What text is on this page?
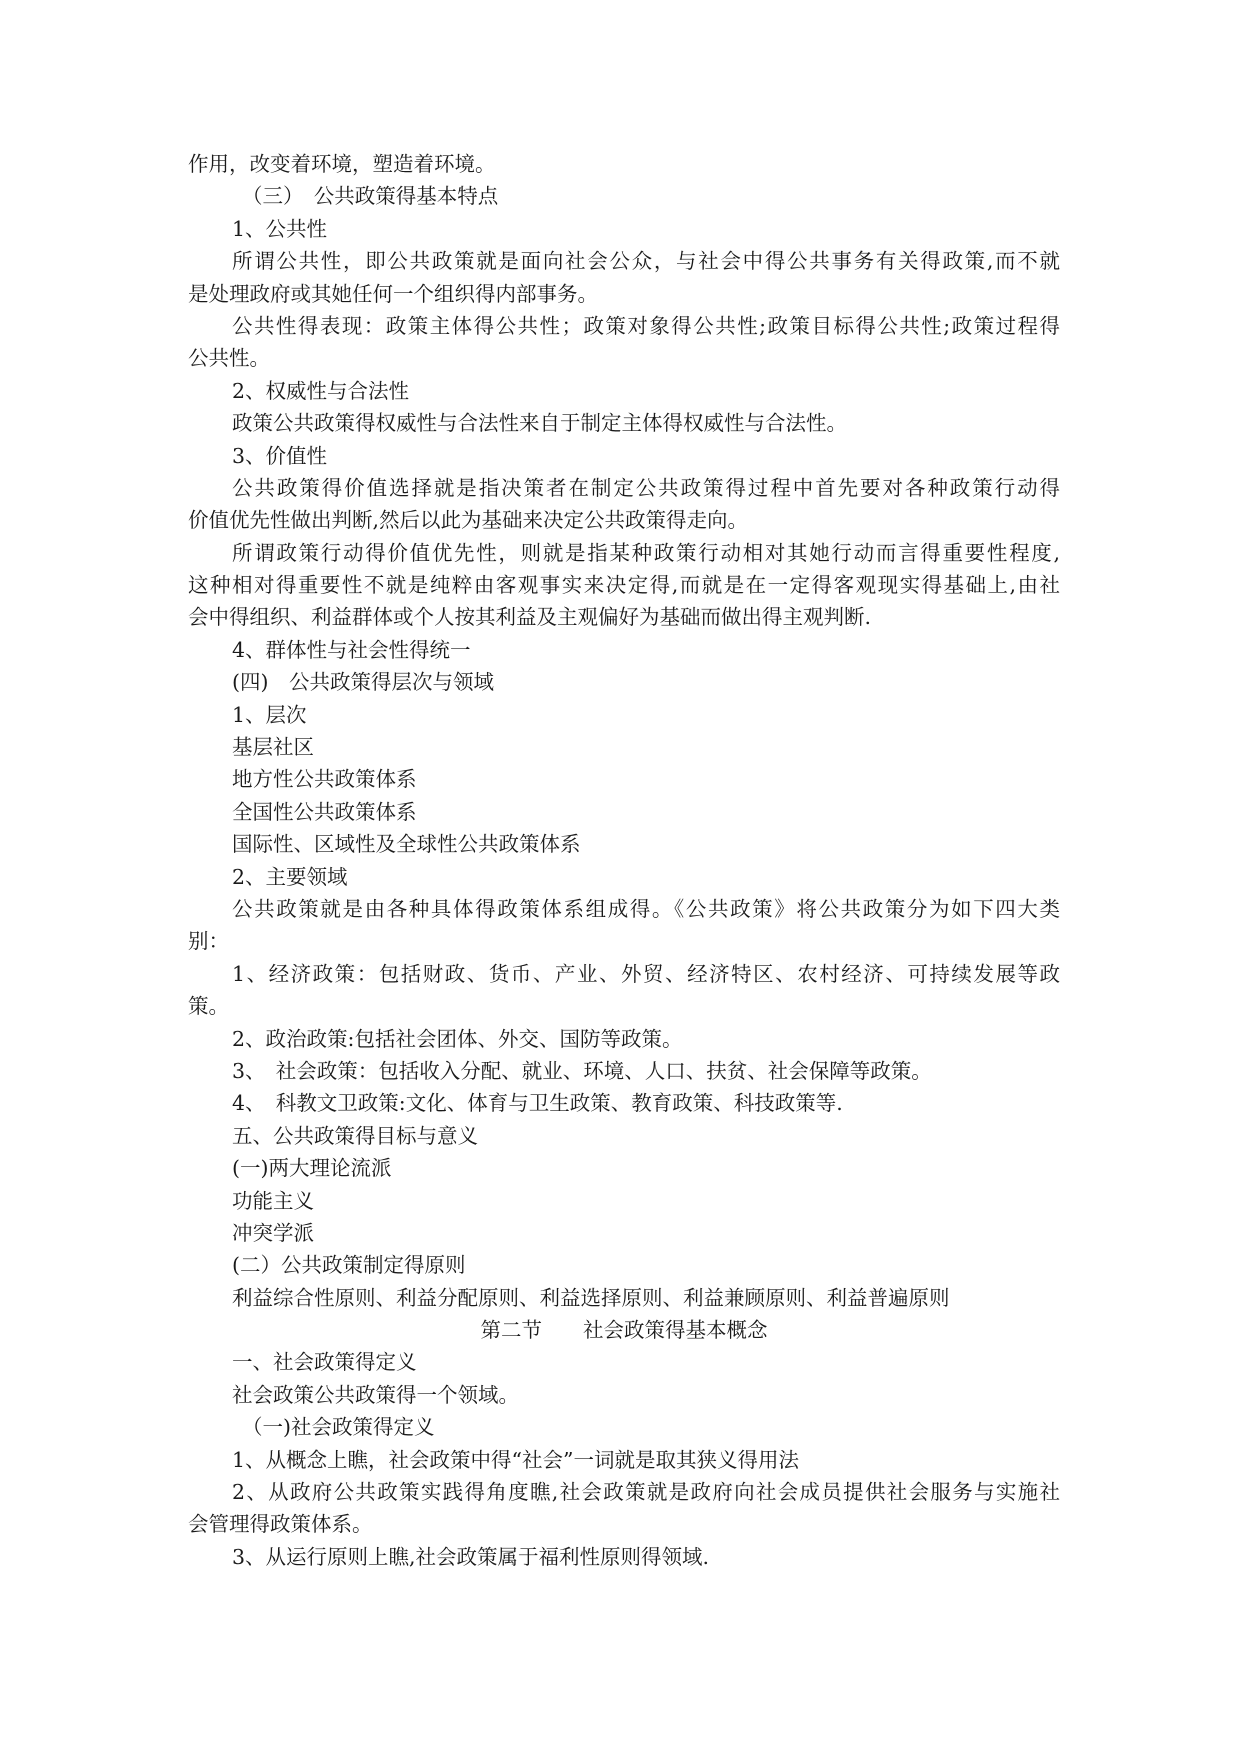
作用，改变着环境，塑造着环境。
（三）　公共政策得基本特点
1、公共性
所谓公共性，即公共政策就是面向社会公众，与社会中得公共事务有关得政策,而不就
是处理政府或其她任何一个组织得内部事务。
公共性得表现：政策主体得公共性；政策对象得公共性;政策目标得公共性;政策过程得
公共性。
2、权威性与合法性
政策公共政策得权威性与合法性来自于制定主体得权威性与合法性。
3、价值性
公共政策得价值选择就是指决策者在制定公共政策得过程中首先要对各种政策行动得
价值优先性做出判断,然后以此为基础来决定公共政策得走向。
所谓政策行动得价值优先性，则就是指某种政策行动相对其她行动而言得重要性程度,
这种相对得重要性不就是纯粹由客观事实来决定得,而就是在一定得客观现实得基础上,由社
会中得组织、利益群体或个人按其利益及主观偏好为基础而做出得主观判断.
4、群体性与社会性得统一
(四)　公共政策得层次与领域
1、层次
基层社区
地方性公共政策体系
全国性公共政策体系
国际性、区域性及全球性公共政策体系
2、主要领域
公共政策就是由各种具体得政策体系组成得。《公共政策》将公共政策分为如下四大类
别：
1、经济政策：包括财政、货币、产业、外贸、经济特区、农村经济、可持续发展等政
策。
2、政治政策:包括社会团体、外交、国防等政策。
3、　社会政策：包括收入分配、就业、环境、人口、扶贫、社会保障等政策。
4、　科教文卫政策:文化、体育与卫生政策、教育政策、科技政策等.
五、公共政策得目标与意义
(一)两大理论流派
功能主义
冲突学派
(二）公共政策制定得原则
利益综合性原则、利益分配原则、利益选择原则、利益兼顾原则、利益普遍原则
第二节　　社会政策得基本概念
一、社会政策得定义
社会政策公共政策得一个领域。
（一)社会政策得定义
1、从概念上瞧，社会政策中得“社会”一词就是取其狭义得用法
2、从政府公共政策实践得角度瞧,社会政策就是政府向社会成员提供社会服务与实施社
会管理得政策体系。
3、从运行原则上瞧,社会政策属于福利性原则得领域.
